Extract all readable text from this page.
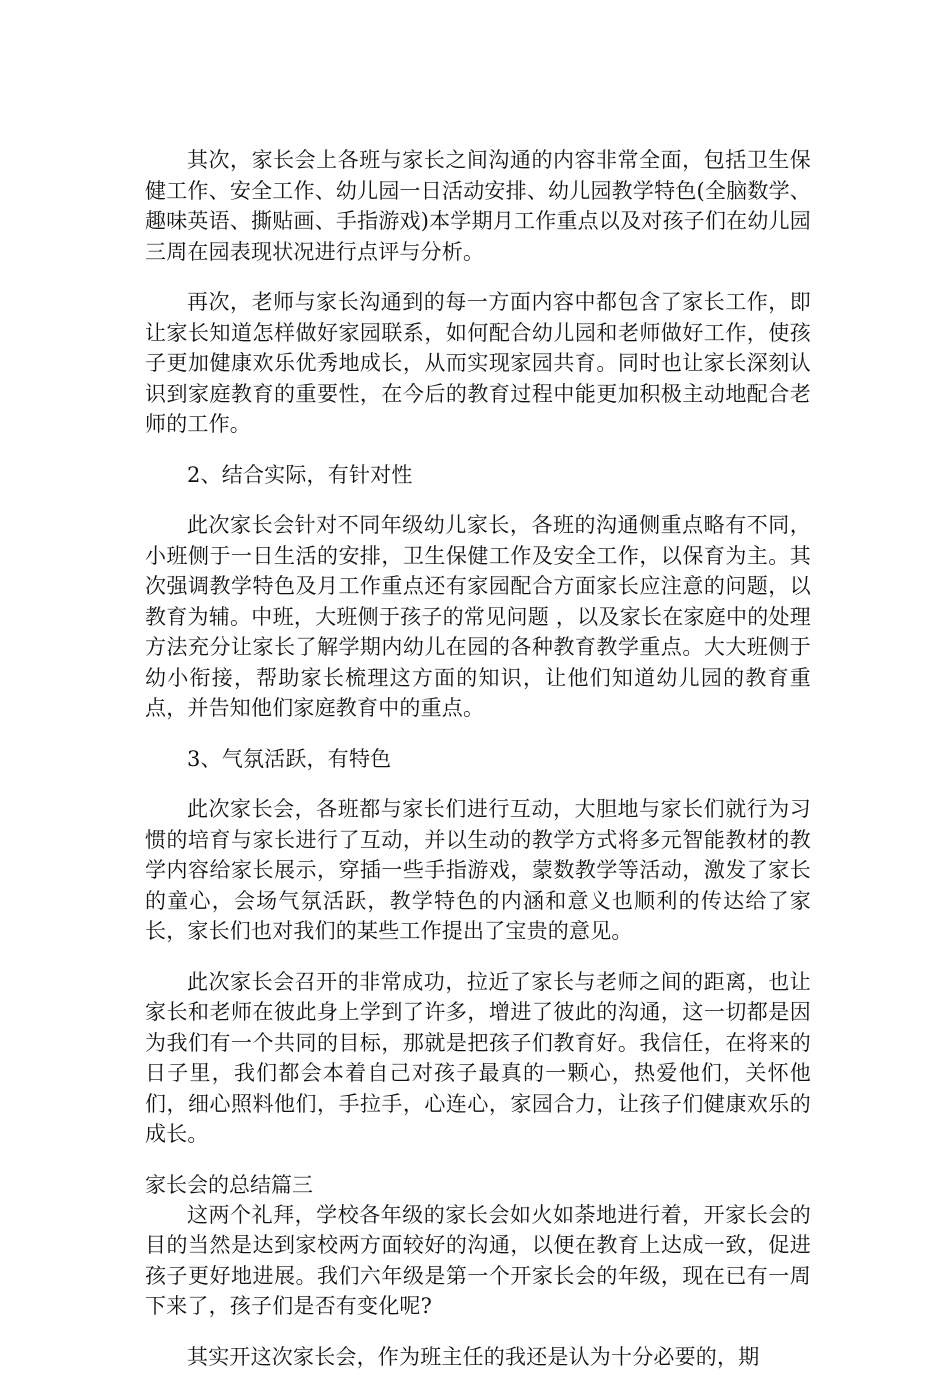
其次，家长会上各班与家长之间沟通的内容非常全面，包括卫生保健工作、安全工作、幼儿园一日活动安排、幼儿园教学特色(全脑数学、趣味英语、撕贴画、手指游戏)本学期月工作重点以及对孩子们在幼儿园三周在园表现状况进行点评与分析。

再次，老师与家长沟通到的每一方面内容中都包含了家长工作，即让家长知道怎样做好家园联系，如何配合幼儿园和老师做好工作，使孩子更加健康欢乐优秀地成长，从而实现家园共育。同时也让家长深刻认识到家庭教育的重要性，在今后的教育过程中能更加积极主动地配合老师的工作。

2、结合实际，有针对性

此次家长会针对不同年级幼儿家长，各班的沟通侧重点略有不同，小班侧于一日生活的安排，卫生保健工作及安全工作，以保育为主。其次强调教学特色及月工作重点还有家园配合方面家长应注意的问题，以教育为辅。中班，大班侧于孩子的常见问题 ，以及家长在家庭中的处理方法充分让家长了解学期内幼儿在园的各种教育教学重点。大大班侧于幼小衔接，帮助家长梳理这方面的知识，让他们知道幼儿园的教育重点，并告知他们家庭教育中的重点。

3、气氛活跃，有特色

此次家长会，各班都与家长们进行互动，大胆地与家长们就行为习惯的培育与家长进行了互动，并以生动的教学方式将多元智能教材的教学内容给家长展示，穿插一些手指游戏，蒙数教学等活动，激发了家长的童心，会场气氛活跃，教学特色的内涵和意义也顺利的传达给了家长，家长们也对我们的某些工作提出了宝贵的意见。

此次家长会召开的非常成功，拉近了家长与老师之间的距离，也让家长和老师在彼此身上学到了许多，增进了彼此的沟通，这一切都是因为我们有一个共同的目标，那就是把孩子们教育好。我信任，在将来的日子里，我们都会本着自己对孩子最真的一颗心，热爱他们，关怀他们，细心照料他们，手拉手，心连心，家园合力，让孩子们健康欢乐的成长。

家长会的总结篇三

这两个礼拜，学校各年级的家长会如火如荼地进行着，开家长会的目的当然是达到家校两方面较好的沟通，以便在教育上达成一致，促进孩子更好地进展。我们六年级是第一个开家长会的年级，现在已有一周下来了，孩子们是否有变化呢?

其实开这次家长会，作为班主任的我还是认为十分必要的，期
